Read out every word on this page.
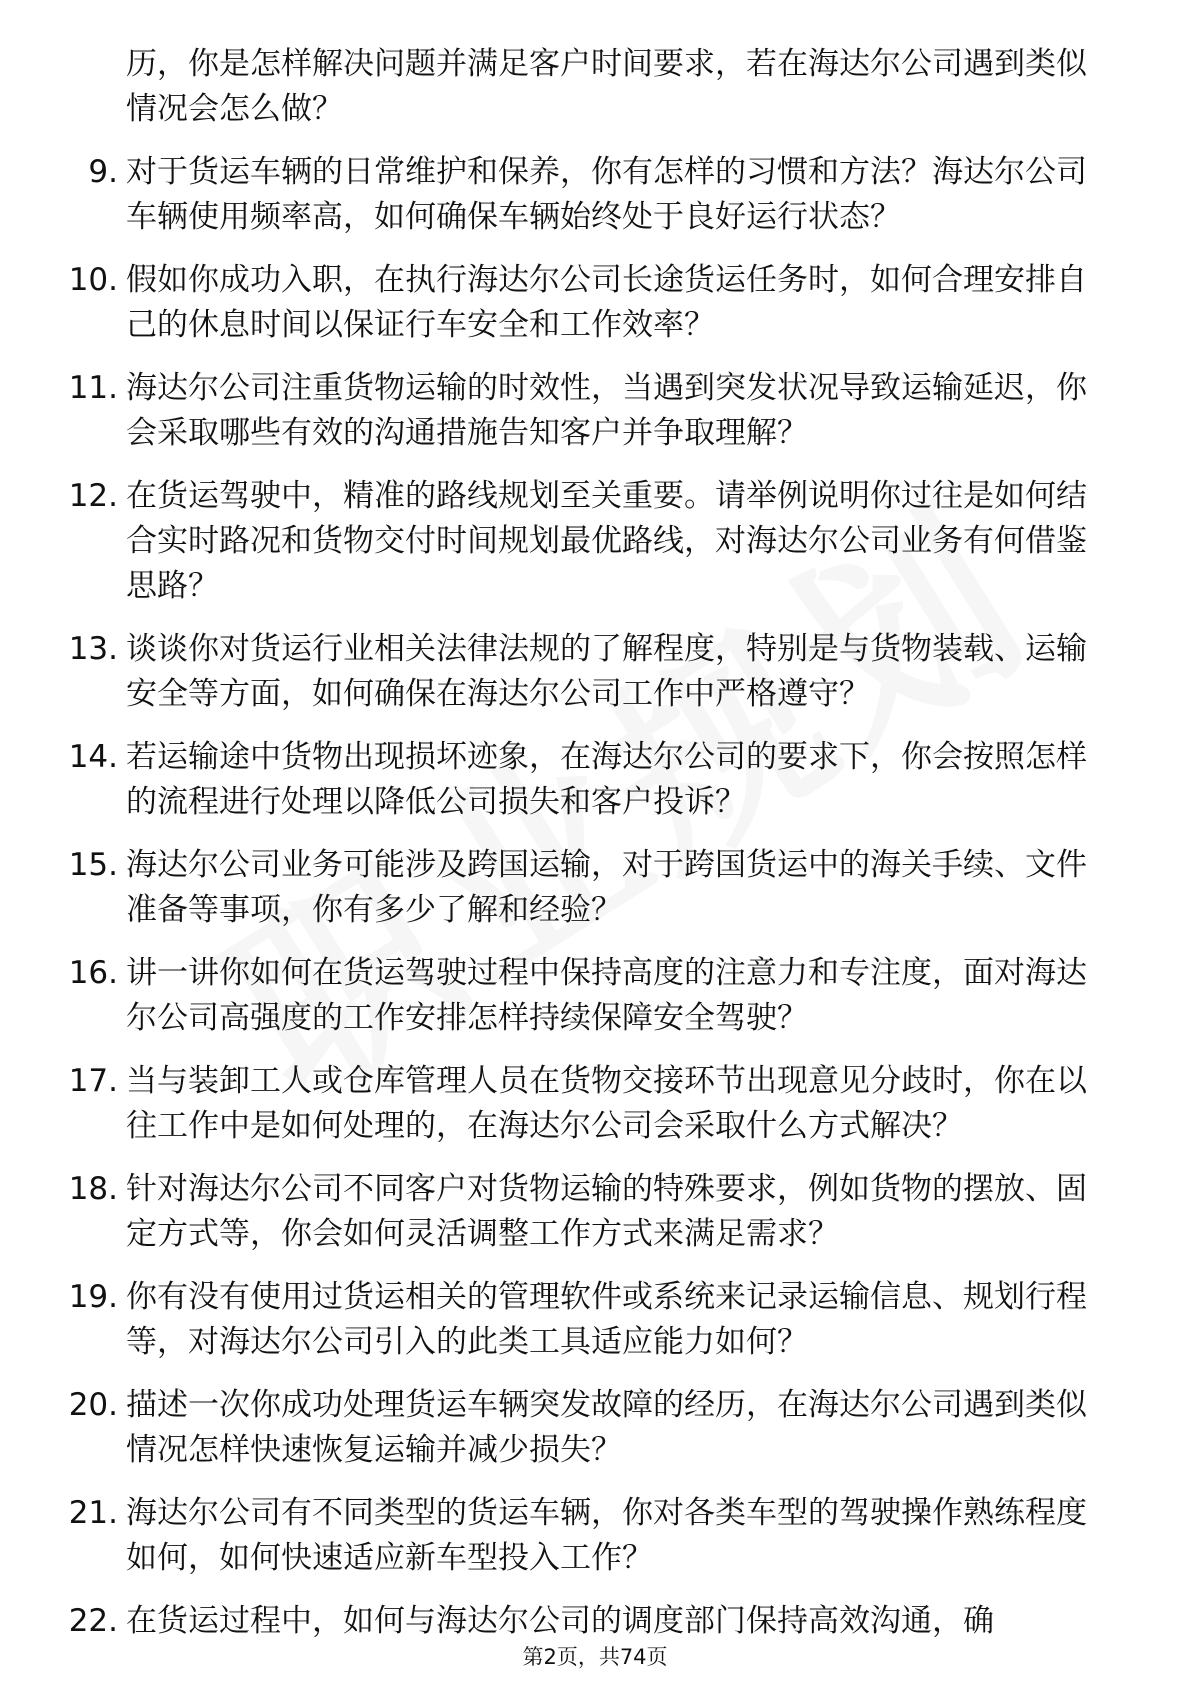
历，你是怎样解决问题并满足客户时间要求，若在海达尔公司遇到类似情况会怎么做？
9. 对于货运车辆的日常维护和保养，你有怎样的习惯和方法？海达尔公司车辆使用频率高，如何确保车辆始终处于良好运行状态？
10. 假如你成功入职，在执行海达尔公司长途货运任务时，如何合理安排自己的休息时间以保证行车安全和工作效率？
11. 海达尔公司注重货物运输的时效性，当遇到突发状况导致运输延迟，你会采取哪些有效的沟通措施告知客户并争取理解？
12. 在货运驾驶中，精准的路线规划至关重要。请举例说明你过往是如何结合实时路况和货物交付时间规划最优路线，对海达尔公司业务有何借鉴思路？
13. 谈谈你对货运行业相关法律法规的了解程度，特别是与货物装载、运输安全等方面，如何确保在海达尔公司工作中严格遵守？
14. 若运输途中货物出现损坏迹象，在海达尔公司的要求下，你会按照怎样的流程进行处理以降低公司损失和客户投诉？
15. 海达尔公司业务可能涉及跨国运输，对于跨国货运中的海关手续、文件准备等事项，你有多少了解和经验？
16. 讲一讲你如何在货运驾驶过程中保持高度的注意力和专注度，面对海达尔公司高强度的工作安排怎样持续保障安全驾驶？
17. 当与装卸工人或仓库管理人员在货物交接环节出现意见分歧时，你在以往工作中是如何处理的，在海达尔公司会采取什么方式解决？
18. 针对海达尔公司不同客户对货物运输的特殊要求，例如货物的摆放、固定方式等，你会如何灵活调整工作方式来满足需求？
19. 你有没有使用过货运相关的管理软件或系统来记录运输信息、规划行程等，对海达尔公司引入的此类工具适应能力如何？
20. 描述一次你成功处理货运车辆突发故障的经历，在海达尔公司遇到类似情况怎样快速恢复运输并减少损失？
21. 海达尔公司有不同类型的货运车辆，你对各类车型的驾驶操作熟练程度如何，如何快速适应新车型投入工作？
22. 在货运过程中，如何与海达尔公司的调度部门保持高效沟通，确
第2页，共74页
